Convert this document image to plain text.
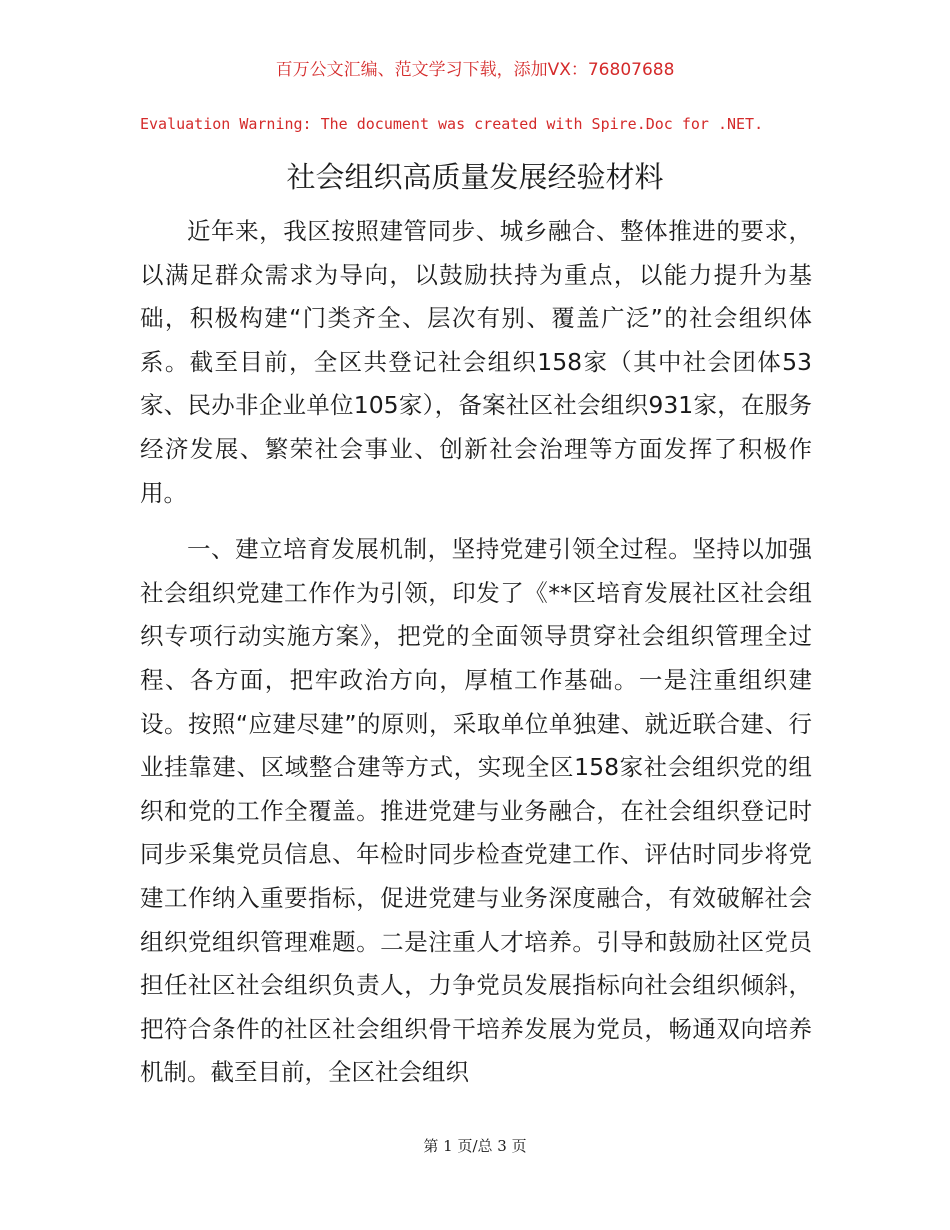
百万公文汇编、范文学习下载，添加VX：76807688
Evaluation Warning: The document was created with Spire.Doc for .NET.
社会组织高质量发展经验材料

近年来，我区按照建管同步、城乡融合、整体推进的要求，以满足群众需求为导向，以鼓励扶持为重点，以能力提升为基础，积极构建“门类齐全、层次有别、覆盖广泛”的社会组织体系。截至目前，全区共登记社会组织158家（其中社会团体53家、民办非企业单位105家），备案社区社会组织931家，在服务经济发展、繁荣社会事业、创新社会治理等方面发挥了积极作用。

一、建立培育发展机制，坚持党建引领全过程。坚持以加强社会组织党建工作作为引领，印发了《**区培育发展社区社会组织专项行动实施方案》，把党的全面领导贯穿社会组织管理全过程、各方面，把牢政治方向，厚植工作基础。一是注重组织建设。按照“应建尽建”的原则，采取单位单独建、就近联合建、行业挂靠建、区域整合建等方式，实现全区158家社会组织党的组织和党的工作全覆盖。推进党建与业务融合，在社会组织登记时同步采集党员信息、年检时同步检查党建工作、评估时同步将党建工作纳入重要指标，促进党建与业务深度融合，有效破解社会组织党组织管理难题。二是注重人才培养。引导和鼓励社区党员担任社区社会组织负责人，力争党员发展指标向社会组织倾斜，把符合条件的社区社会组织骨干培养发展为党员，畅通双向培养机制。截至目前，全区社会组织

第 1 页/总 3 页
